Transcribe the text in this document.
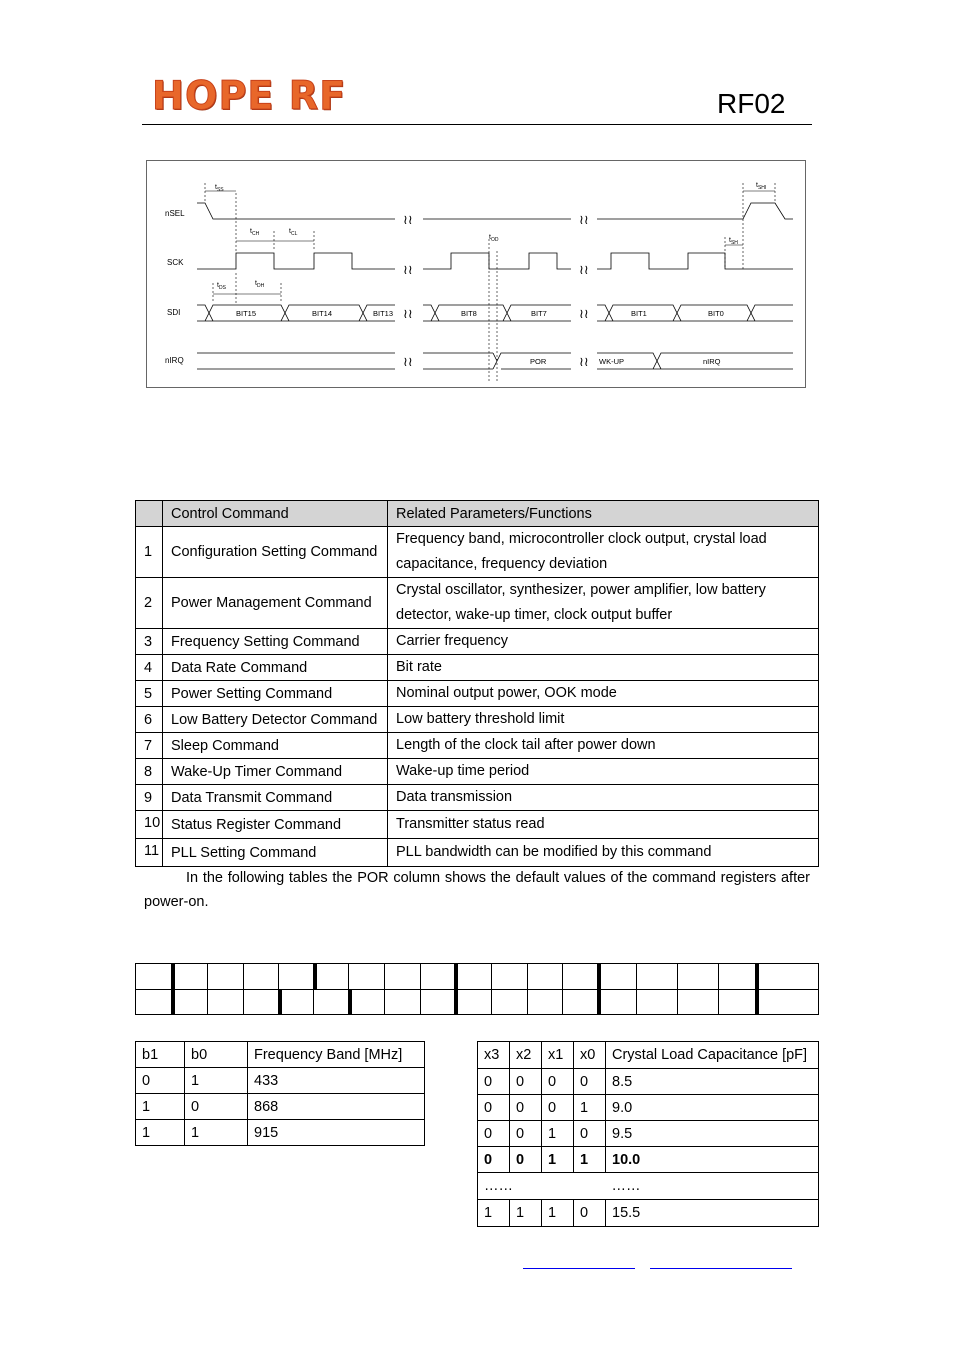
HOPE RF	RF02
nSEL
SCK
SDI
nIRQ
BIT15	BIT14	BIT13	BIT8	BIT7	BIT1	BIT0
POR	WK-UP	nIRQ
≀≀	≀≀
≀≀	≀≀
≀≀	≀≀
≀≀	≀≀
$t_{SS}$
$t_{CH}$	$t_{CL}$
$t_{DS}$
$t_{DH}$
$t_{OD}$	$t_{SH}$
$t_{SHI}$
	Control Command	Related Parameters/Functions
1	Configuration Setting Command	Frequency band, microcontroller clock output, crystal load capacitance, frequency deviation
2	Power Management Command	Crystal oscillator, synthesizer, power amplifier, low battery detector, wake-up timer, clock output buffer
3	Frequency Setting Command	Carrier frequency
4	Data Rate Command	Bit rate
5	Power Setting Command	Nominal output power, OOK mode
6	Low Battery Detector Command	Low battery threshold limit
7	Sleep Command	Length of the clock tail after power down
8	Wake-Up Timer Command	Wake-up time period
9	Data Transmit Command	Data transmission
10	Status Register Command	Transmitter status read
11	PLL Setting Command	PLL bandwidth can be modified by this command
In the following tables the POR column shows the default values of the command registers after power-on.
b1	b0	Frequency Band [MHz]
0	1	433
1	0	868
1	1	915
x3	x2	x1	x0	Crystal Load Capacitance [pF]
0	0	0	0	8.5
0	0	0	1	9.0
0	0	1	0	9.5
0	0	1	1	10.0
……				……
1	1	1	0	15.5
